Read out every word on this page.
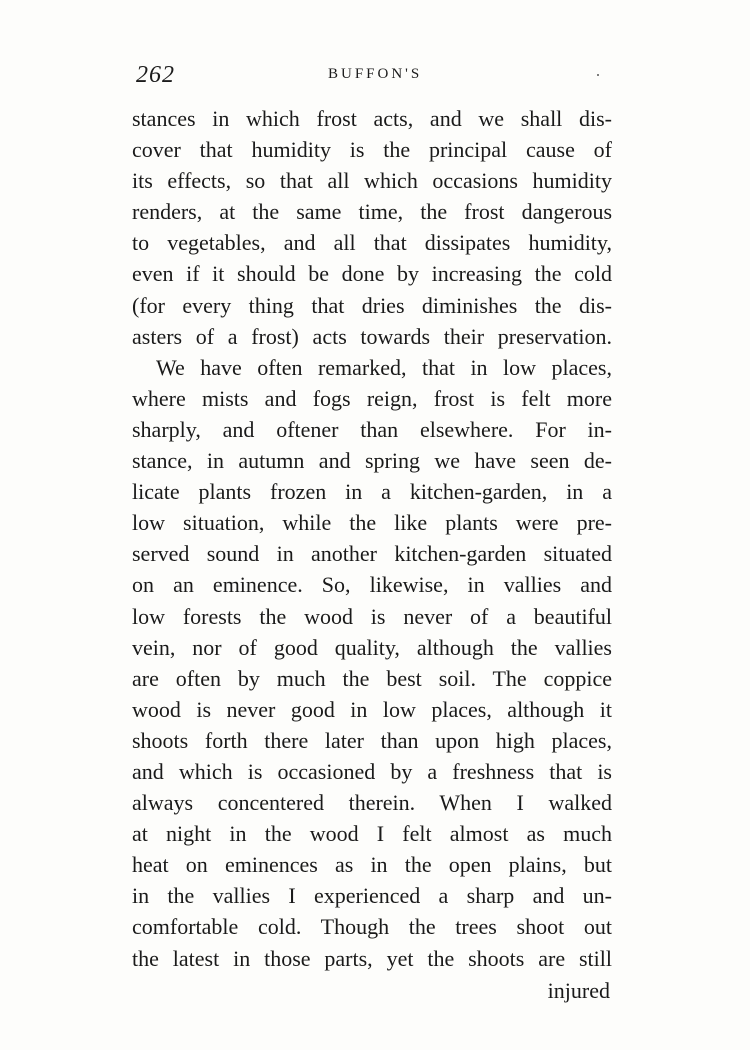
262	BUFFON'S
stances in which frost acts, and we shall dis-
cover that humidity is the principal cause of
its effects, so that all which occasions humidity
renders, at the same time, the frost dangerous
to vegetables, and all that dissipates humidity,
even if it should be done by increasing the cold
(for every thing that dries diminishes the dis-
asters of a frost) acts towards their preservation.
We have often remarked, that in low places,
where mists and fogs reign, frost is felt more
sharply, and oftener than elsewhere. For in-
stance, in autumn and spring we have seen de-
licate plants frozen in a kitchen-garden, in a
low situation, while the like plants were pre-
served sound in another kitchen-garden situated
on an eminence. So, likewise, in vallies and
low forests the wood is never of a beautiful
vein, nor of good quality, although the vallies
are often by much the best soil. The coppice
wood is never good in low places, although it
shoots forth there later than upon high places,
and which is occasioned by a freshness that is
always concentered therein. When I walked
at night in the wood I felt almost as much
heat on eminences as in the open plains, but
in the vallies I experienced a sharp and un-
comfortable cold. Though the trees shoot out
the latest in those parts, yet the shoots are still
injured
